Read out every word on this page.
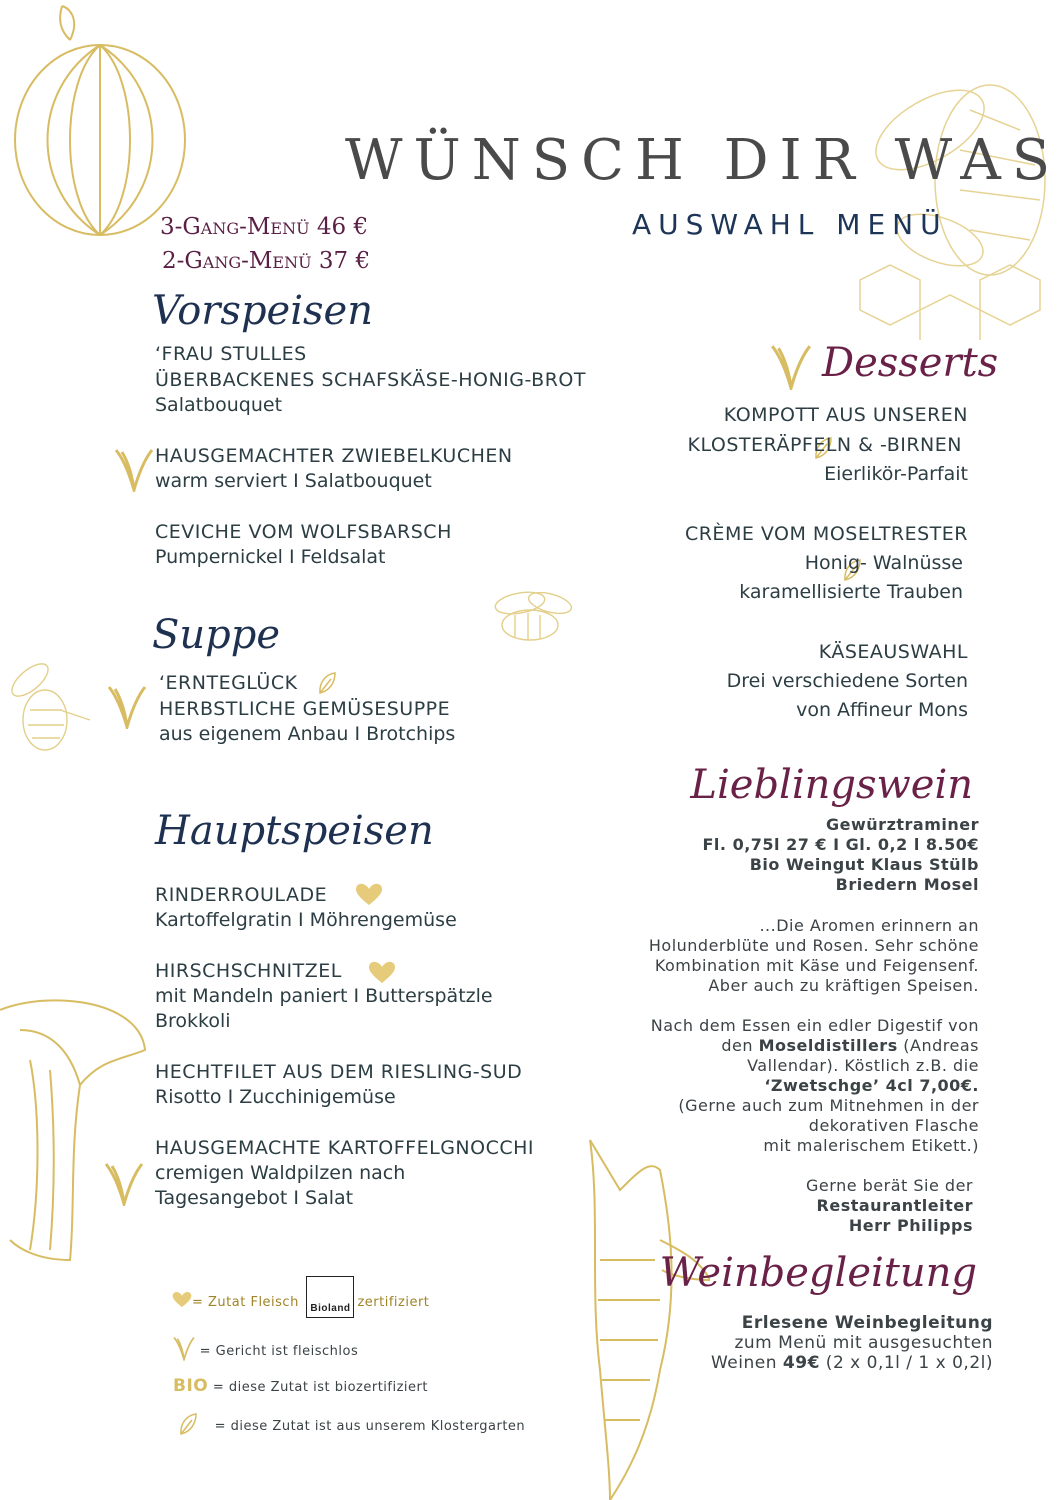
WÜNSCH DIR WAS
AUSWAHL MENÜ
3-Gang-Menü 46 €
2-Gang-Menü 37 €
Vorspeisen
‘FRAU STULLES
ÜBERBACKENES SCHAFSKÄSE-HONIG-BROT
Salatbouquet
HAUSGEMACHTER ZWIEBELKUCHEN
warm serviert I Salatbouquet
CEVICHE VOM WOLFSBARSCH
Pumpernickel I Feldsalat
Suppe
‘ERNTEGLÜCK
HERBSTLICHE GEMÜSESUPPE
aus eigenem Anbau I Brotchips
Hauptspeisen
RINDERROULADE
Kartoffelgratin I Möhrengemüse
HIRSCHSCHNITZEL
mit Mandeln paniert I Butterspätzle
Brokkoli
HECHTFILET AUS DEM RIESLING-SUD
Risotto I Zucchinigemüse
HAUSGEMACHTE KARTOFFELGNOCCHI
cremigen Waldpilzen nach
Tagesangebot I Salat
Desserts
KOMPOTT AUS UNSEREN
KLOSTERÄPFELN & -BIRNEN
Eierlikör-Parfait
CRÈME VOM MOSELTRESTER
Honig- Walnüsse
karamellisierte Trauben
KÄSEAUSWAHL
Drei verschiedene Sorten
von Affineur Mons
Lieblingswein
Gewürztraminer
Fl. 0,75l 27 € I Gl. 0,2 l 8.50€
Bio Weingut Klaus Stülb
Briedern Mosel
...Die Aromen erinnern an
Holunderblüte und Rosen. Sehr schöne
Kombination mit Käse und Feigensenf.
Aber auch zu kräftigen Speisen.
Nach dem Essen ein edler Digestif von
den Moseldistillers (Andreas
Vallendar). Köstlich z.B. die
‘Zwetschge’ 4cl 7,00€.
(Gerne auch zum Mitnehmen in der
dekorativen Flasche
mit malerischem Etikett.)
Gerne berät Sie der
Restaurantleiter
Herr Philipps
Weinbegleitung
Erlesene Weinbegleitung
zum Menü mit ausgesuchten
Weinen 49€ (2 x 0,1l / 1 x 0,2l)
= Zutat Fleisch Bioland zertifiziert
= Gericht ist fleischlos
BIO = diese Zutat ist biozertifiziert
= diese Zutat ist aus unserem Klostergarten
